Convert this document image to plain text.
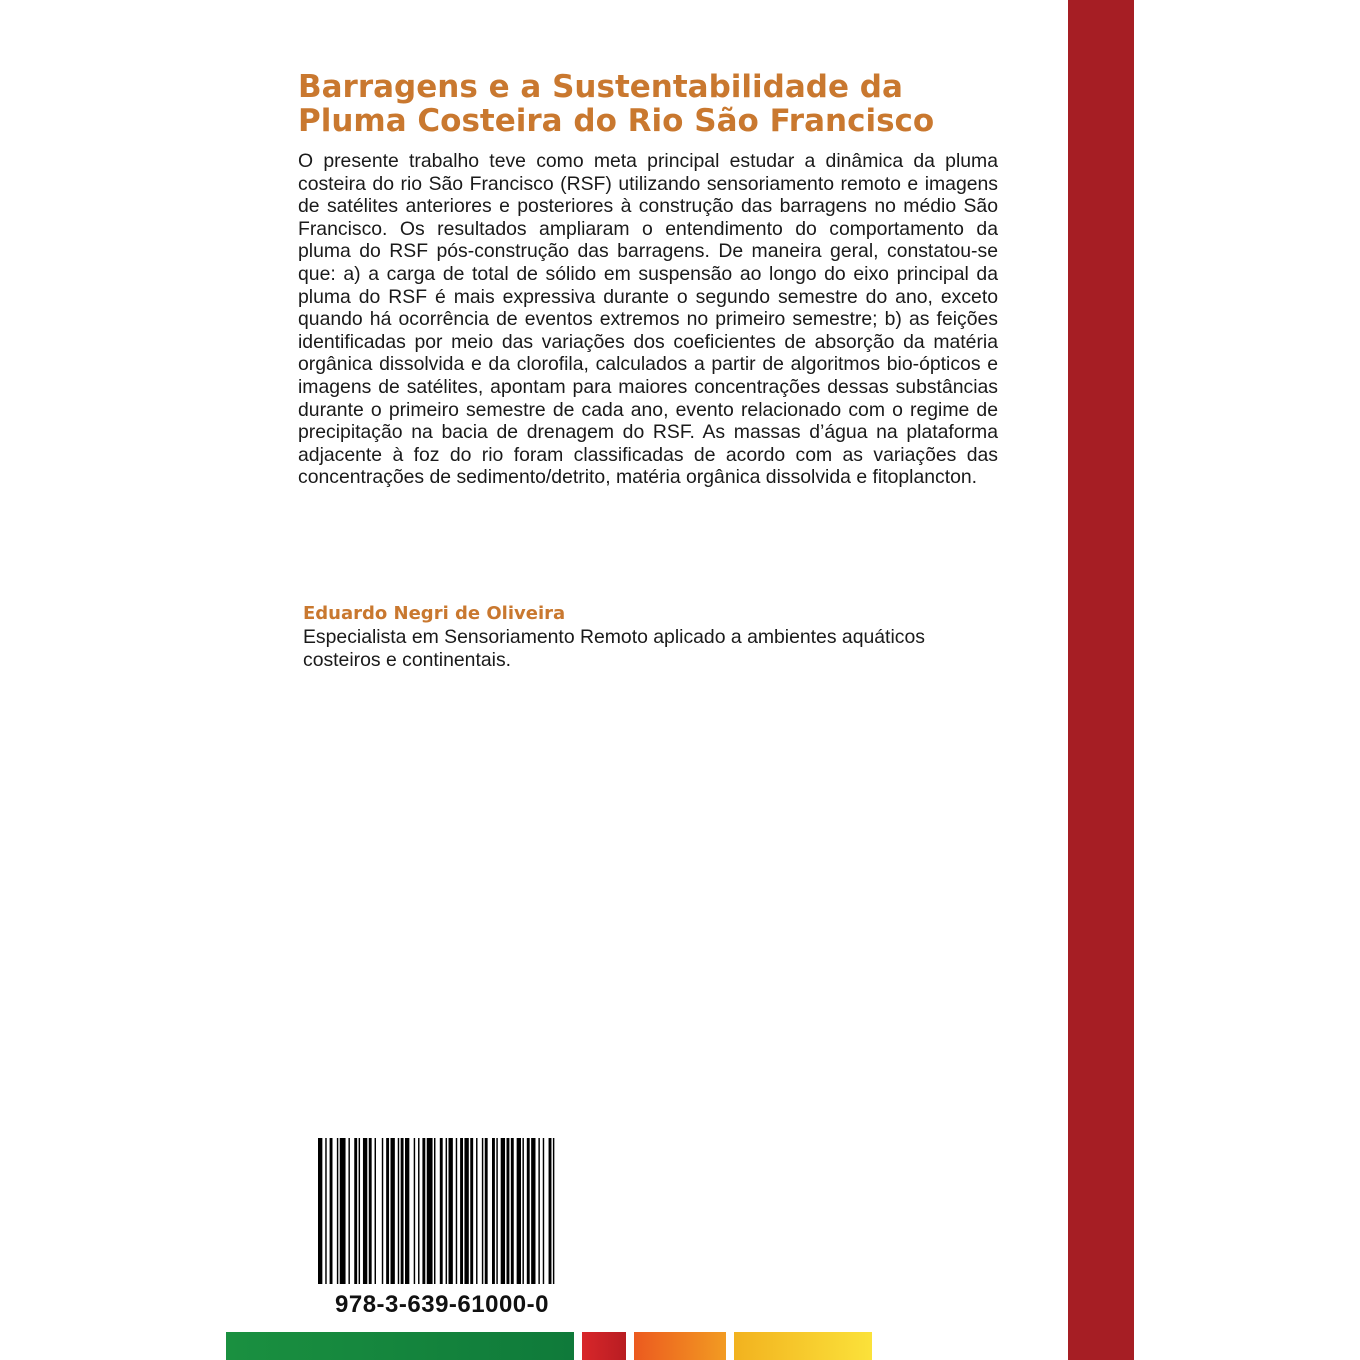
Barragens e a Sustentabilidade da
Pluma Costeira do Rio São Francisco

O presente trabalho teve como meta principal estudar a dinâmica da pluma costeira do rio São Francisco (RSF) utilizando sensoriamento remoto e imagens de satélites anteriores e posteriores à construção das barragens no médio São Francisco. Os resultados ampliaram o entendimento do comportamento da pluma do RSF pós-construção das barragens. De maneira geral, constatou-se que: a) a carga de total de sólido em suspensão ao longo do eixo principal da pluma do RSF é mais expressiva durante o segundo semestre do ano, exceto quando há ocorrência de eventos extremos no primeiro semestre; b) as feições identificadas por meio das variações dos coeficientes de absorção da matéria orgânica dissolvida e da clorofila, calculados a partir de algoritmos bio-ópticos e imagens de satélites, apontam para maiores concentrações dessas substâncias durante o primeiro semestre de cada ano, evento relacionado com o regime de precipitação na bacia de drenagem do RSF. As massas d’água na plataforma adjacente à foz do rio foram classificadas de acordo com as variações das concentrações de sedimento/detrito, matéria orgânica dissolvida e fitoplancton.

Eduardo Negri de Oliveira

Especialista em Sensoriamento Remoto aplicado a ambientes aquáticos costeiros e continentais.

978-3-639-61000-0
